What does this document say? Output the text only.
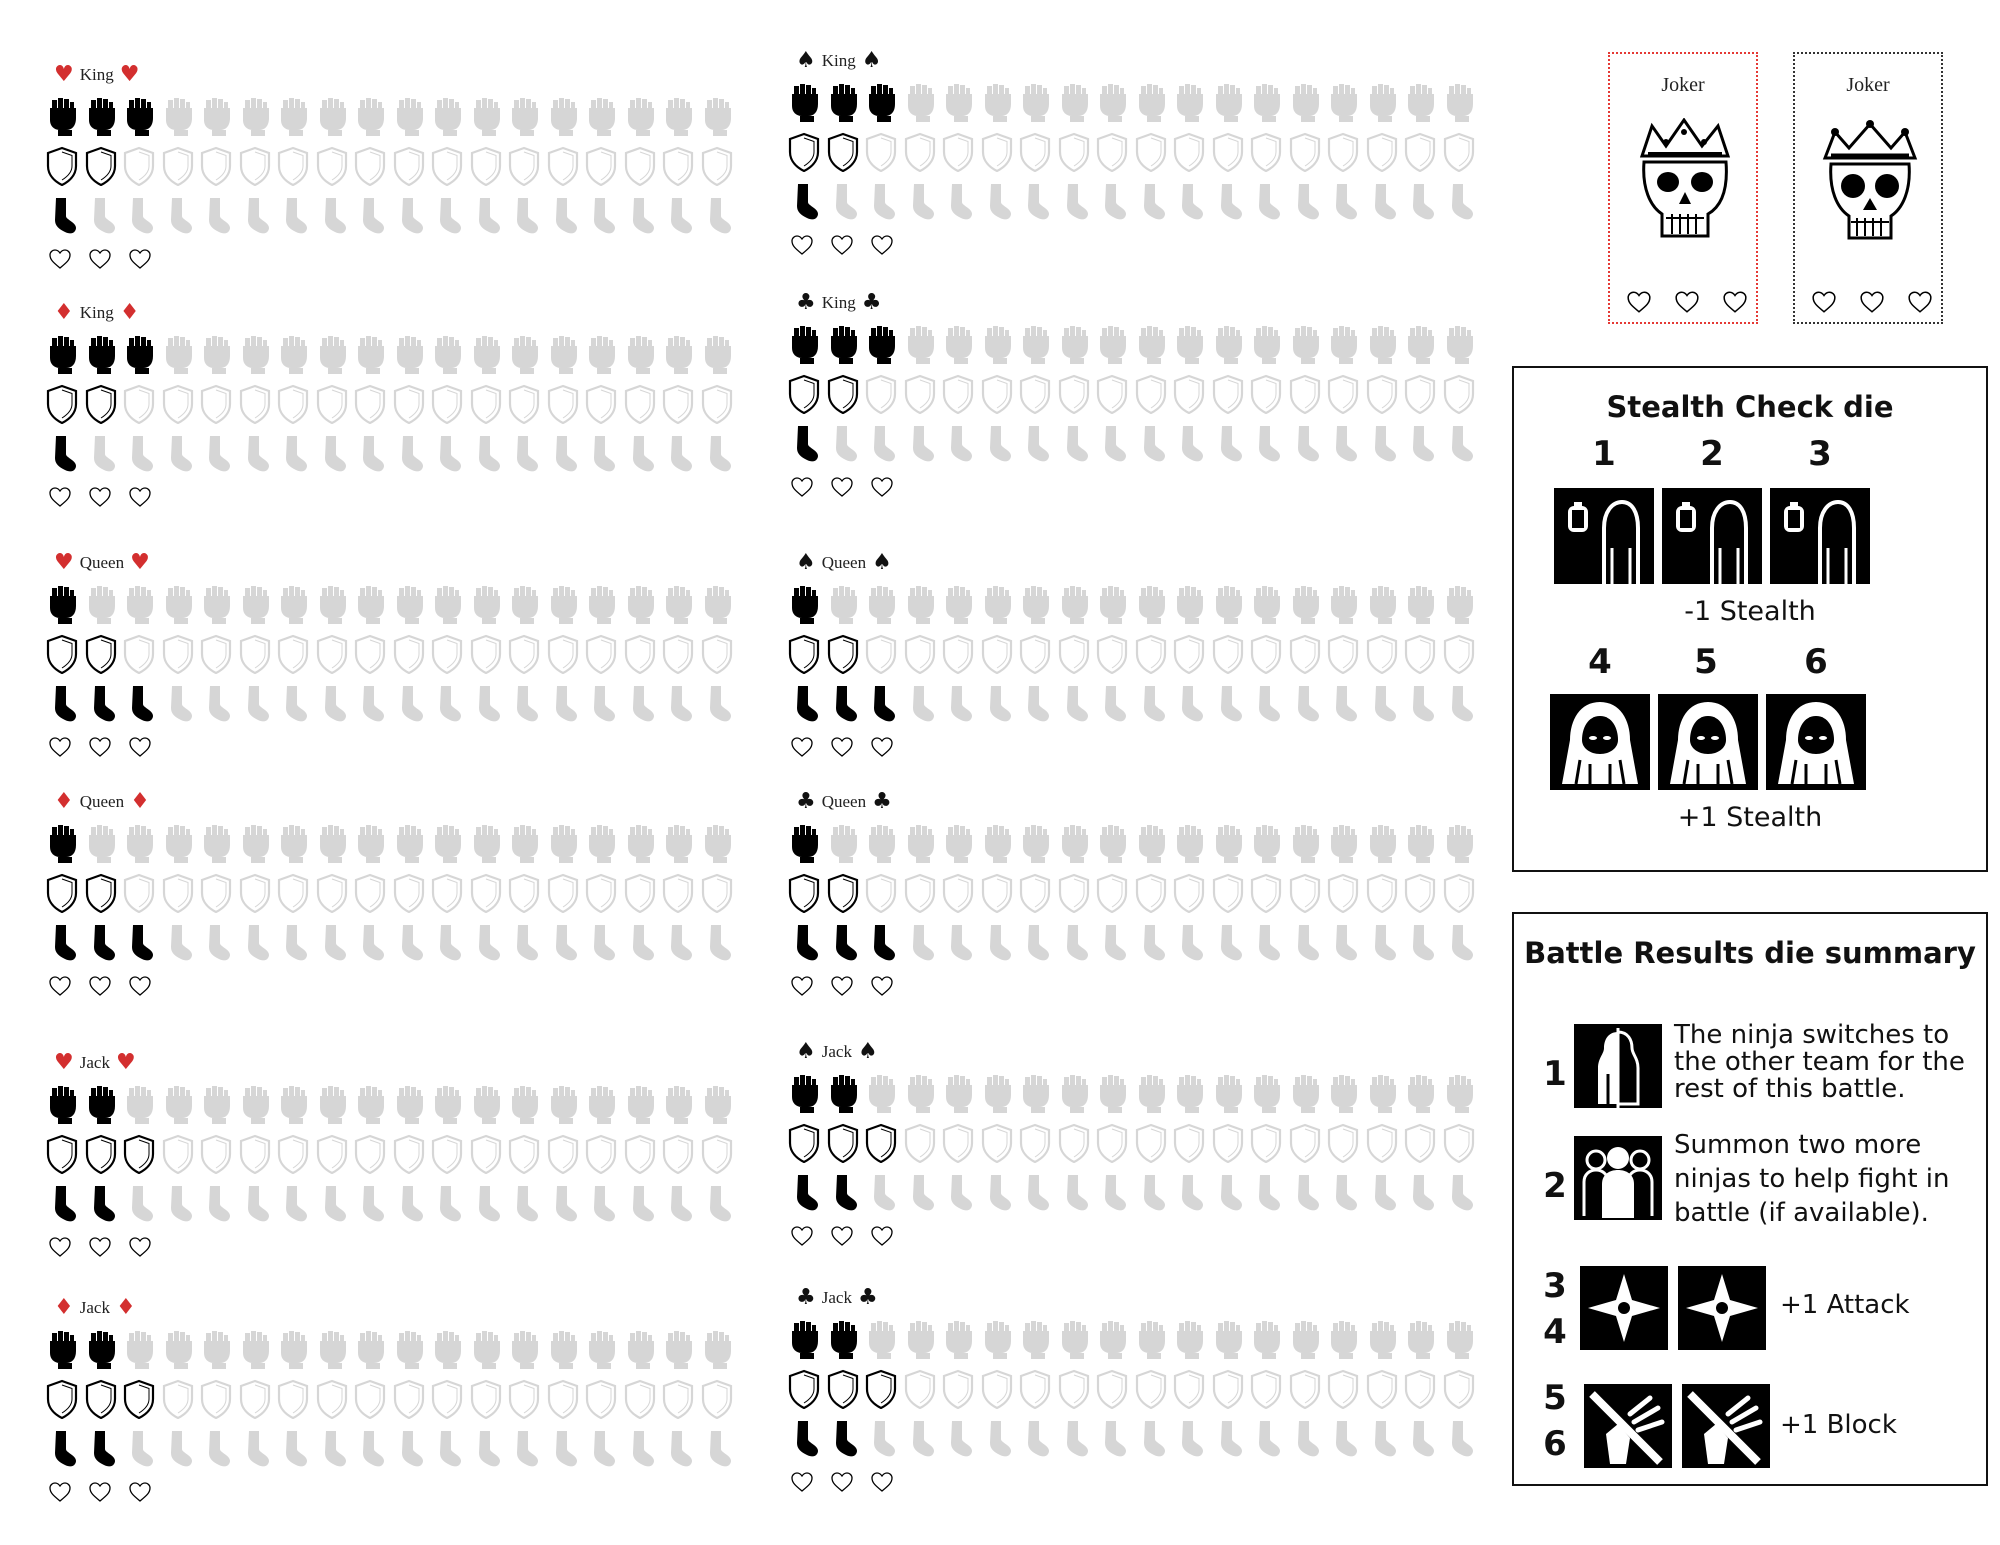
♥ King ♥
♦ King ♦
♥ Queen ♥
♦ Queen ♦
♥ Jack ♥
♦ Jack ♦
♠ King ♠
♣ King ♣
♠ Queen ♠
♣ Queen ♣
♠ Jack ♠
♣ Jack ♣
Joker	Joker
Stealth Check die
1	2	3
-1 Stealth
4	5	6
+1 Stealth
Battle Results die summary
1
The ninja switches to
the other team for the
rest of this battle.
2
Summon two more
ninjas to help fight in
battle (if available).
3
4
+1 Attack
5
6	+1 Block
